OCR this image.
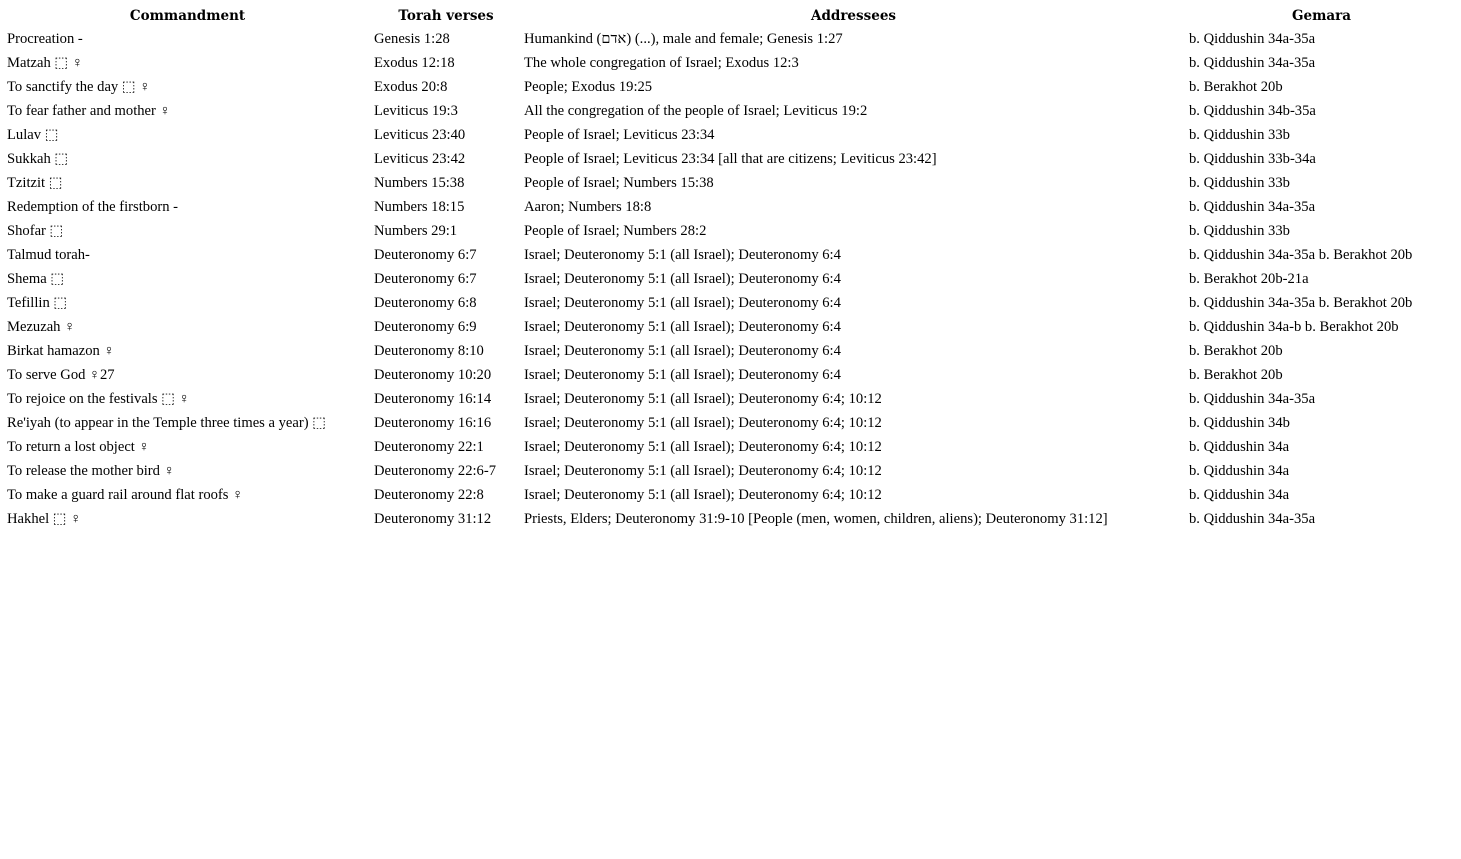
Commandment	Torah verses	Addressees	Gemara
Procreation -	Genesis 1:28	Humankind (אדם) (...), male and female; Genesis 1:27	b. Qiddushin 34a-35a
Matzah ⬚ ♀	Exodus 12:18	The whole congregation of Israel; Exodus 12:3	b. Qiddushin 34a-35a
To sanctify the day ⬚ ♀	Exodus 20:8	People; Exodus 19:25	b. Berakhot 20b
To fear father and mother ♀	Leviticus 19:3	All the congregation of the people of Israel; Leviticus 19:2	b. Qiddushin 34b-35a
Lulav ⬚	Leviticus 23:40	People of Israel; Leviticus 23:34	b. Qiddushin 33b
Sukkah ⬚	Leviticus 23:42	People of Israel; Leviticus 23:34 [all that are citizens; Leviticus 23:42]	b. Qiddushin 33b-34a
Tzitzit ⬚	Numbers 15:38	People of Israel; Numbers 15:38	b. Qiddushin 33b
Redemption of the firstborn -	Numbers 18:15	Aaron; Numbers 18:8	b. Qiddushin 34a-35a
Shofar ⬚	Numbers 29:1	People of Israel; Numbers 28:2	b. Qiddushin 33b
Talmud torah-	Deuteronomy 6:7	Israel; Deuteronomy 5:1 (all Israel); Deuteronomy 6:4	b. Qiddushin 34a-35a b. Berakhot 20b
Shema ⬚	Deuteronomy 6:7	Israel; Deuteronomy 5:1 (all Israel); Deuteronomy 6:4	b. Berakhot 20b-21a
Tefillin ⬚	Deuteronomy 6:8	Israel; Deuteronomy 5:1 (all Israel); Deuteronomy 6:4	b. Qiddushin 34a-35a b. Berakhot 20b
Mezuzah ♀	Deuteronomy 6:9	Israel; Deuteronomy 5:1 (all Israel); Deuteronomy 6:4	b. Qiddushin 34a-b b. Berakhot 20b
Birkat hamazon ♀	Deuteronomy 8:10	Israel; Deuteronomy 5:1 (all Israel); Deuteronomy 6:4	b. Berakhot 20b
To serve God ♀27	Deuteronomy 10:20	Israel; Deuteronomy 5:1 (all Israel); Deuteronomy 6:4	b. Berakhot 20b
To rejoice on the festivals ⬚ ♀	Deuteronomy 16:14	Israel; Deuteronomy 5:1 (all Israel); Deuteronomy 6:4; 10:12	b. Qiddushin 34a-35a
Re'iyah (to appear in the Temple three times a year) ⬚	Deuteronomy 16:16	Israel; Deuteronomy 5:1 (all Israel); Deuteronomy 6:4; 10:12	b. Qiddushin 34b
To return a lost object ♀	Deuteronomy 22:1	Israel; Deuteronomy 5:1 (all Israel); Deuteronomy 6:4; 10:12	b. Qiddushin 34a
To release the mother bird ♀	Deuteronomy 22:6-7	Israel; Deuteronomy 5:1 (all Israel); Deuteronomy 6:4; 10:12	b. Qiddushin 34a
To make a guard rail around flat roofs ♀	Deuteronomy 22:8	Israel; Deuteronomy 5:1 (all Israel); Deuteronomy 6:4; 10:12	b. Qiddushin 34a
Hakhel ⬚ ♀	Deuteronomy 31:12	Priests, Elders; Deuteronomy 31:9-10 [People (men, women, children, aliens); Deuteronomy 31:12]	b. Qiddushin 34a-35a
